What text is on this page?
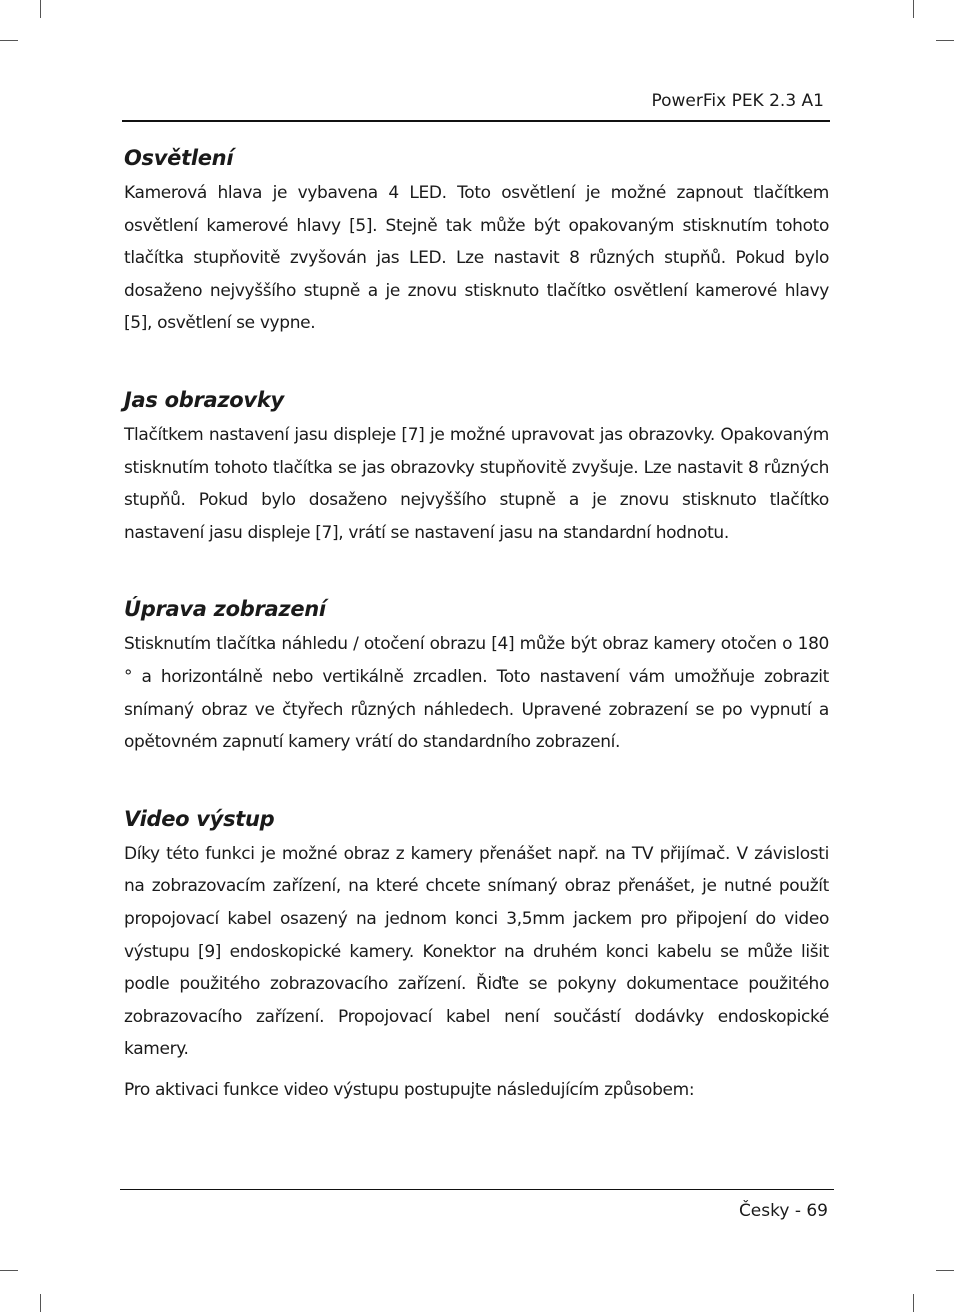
PowerFix PEK 2.3 A1
Osvětlení

Kamerová hlava je vybavena 4 LED. Toto osvětlení je možné zapnout tlačítkem osvětlení kamerové hlavy [5]. Stejně tak může být opakovaným stisknutím tohoto tlačítka stupňovitě zvyšován jas LED. Lze nastavit 8 různých stupňů. Pokud bylo dosaženo nejvyššího stupně a je znovu stisknuto tlačítko osvětlení kamerové hlavy [5], osvětlení se vypne.

Jas obrazovky

Tlačítkem nastavení jasu displeje [7] je možné upravovat jas obrazovky. Opakovaným stisknutím tohoto tlačítka se jas obrazovky stupňovitě zvyšuje. Lze nastavit 8 různých stupňů. Pokud bylo dosaženo nejvyššího stupně a je znovu stisknuto tlačítko nastavení jasu displeje [7], vrátí se nastavení jasu na standardní hodnotu.

Úprava zobrazení

Stisknutím tlačítka náhledu / otočení obrazu [4] může být obraz kamery otočen o 180 ° a horizontálně nebo vertikálně zrcadlen. Toto nastavení vám umožňuje zobrazit snímaný obraz ve čtyřech různých náhledech. Upravené zobrazení se po vypnutí a opětovném zapnutí kamery vrátí do standardního zobrazení.

Video výstup

Díky této funkci je možné obraz z kamery přenášet např. na TV přijímač. V závislosti na zobrazovacím zařízení, na které chcete snímaný obraz přenášet, je nutné použít propojovací kabel osazený na jednom konci 3,5mm jackem pro připojení do video výstupu [9] endoskopické kamery. Konektor na druhém konci kabelu se může lišit podle použitého zobrazovacího zařízení. Řiďte se pokyny dokumentace použitého zobrazovacího zařízení. Propojovací kabel není součástí dodávky endoskopické kamery.

Pro aktivaci funkce video výstupu postupujte následujícím způsobem:

Česky - 69
